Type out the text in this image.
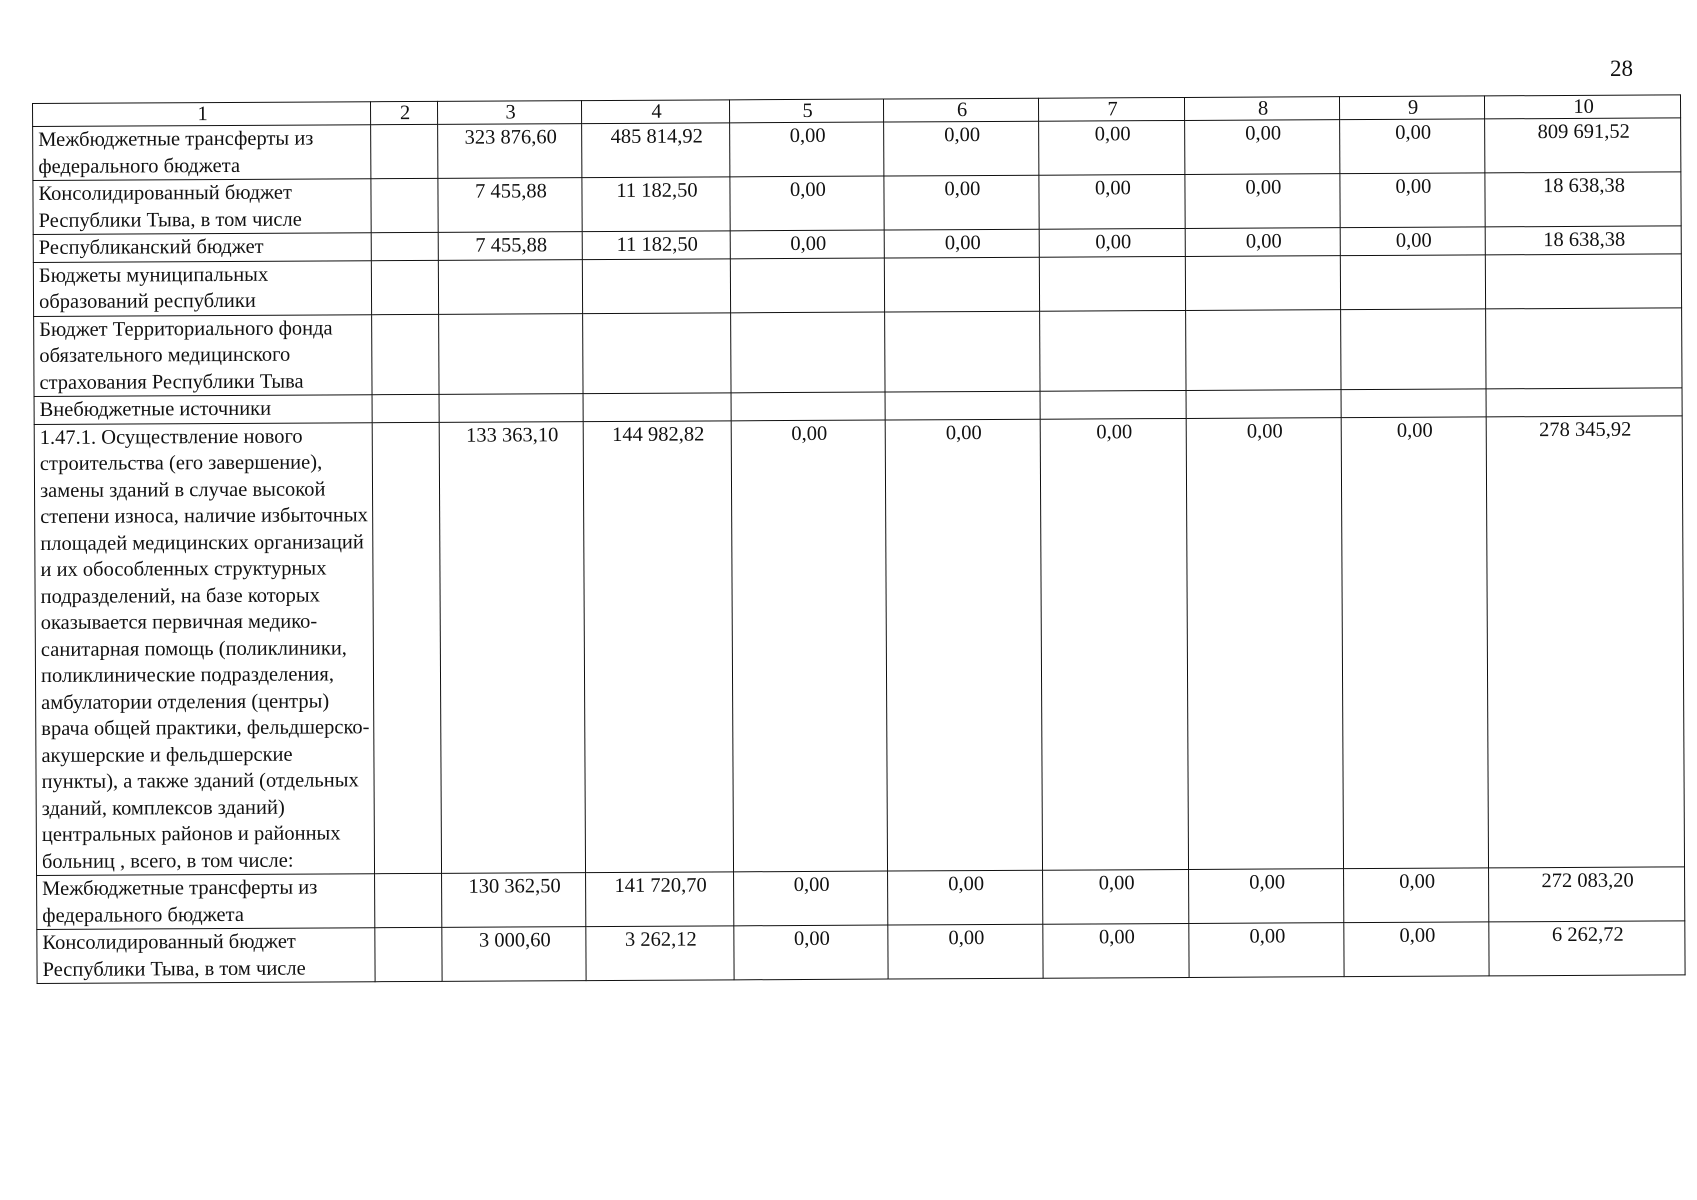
28
1	2	3	4	5	6	7	8	9	10
Межбюджетные трансферты из федерального бюджета		323 876,60	485 814,92	0,00	0,00	0,00	0,00	0,00	809 691,52
Консолидированный бюджет Республики Тыва, в том числе		7 455,88	11 182,50	0,00	0,00	0,00	0,00	0,00	18 638,38
Республиканский бюджет		7 455,88	11 182,50	0,00	0,00	0,00	0,00	0,00	18 638,38
Бюджеты муниципальных образований республики									
Бюджет Территориального фонда обязательного медицинского страхования Республики Тыва									
Внебюджетные источники									
1.47.1. Осуществление нового строительства (его завершение), замены зданий в случае высокой степени износа, наличие избыточных площадей медицинских организаций и их обособленных структурных подразделений, на базе которых оказывается первичная медико-санитарная помощь (поликлиники, поликлинические подразделения, амбулатории отделения (центры) врача общей практики, фельдшерско-акушерские и фельдшерские пункты), а также зданий (отдельных зданий, комплексов зданий) центральных районов и районных больниц , всего, в том числе:		133 363,10	144 982,82	0,00	0,00	0,00	0,00	0,00	278 345,92
Межбюджетные трансферты из федерального бюджета		130 362,50	141 720,70	0,00	0,00	0,00	0,00	0,00	272 083,20
Консолидированный бюджет Республики Тыва, в том числе		3 000,60	3 262,12	0,00	0,00	0,00	0,00	0,00	6 262,72
